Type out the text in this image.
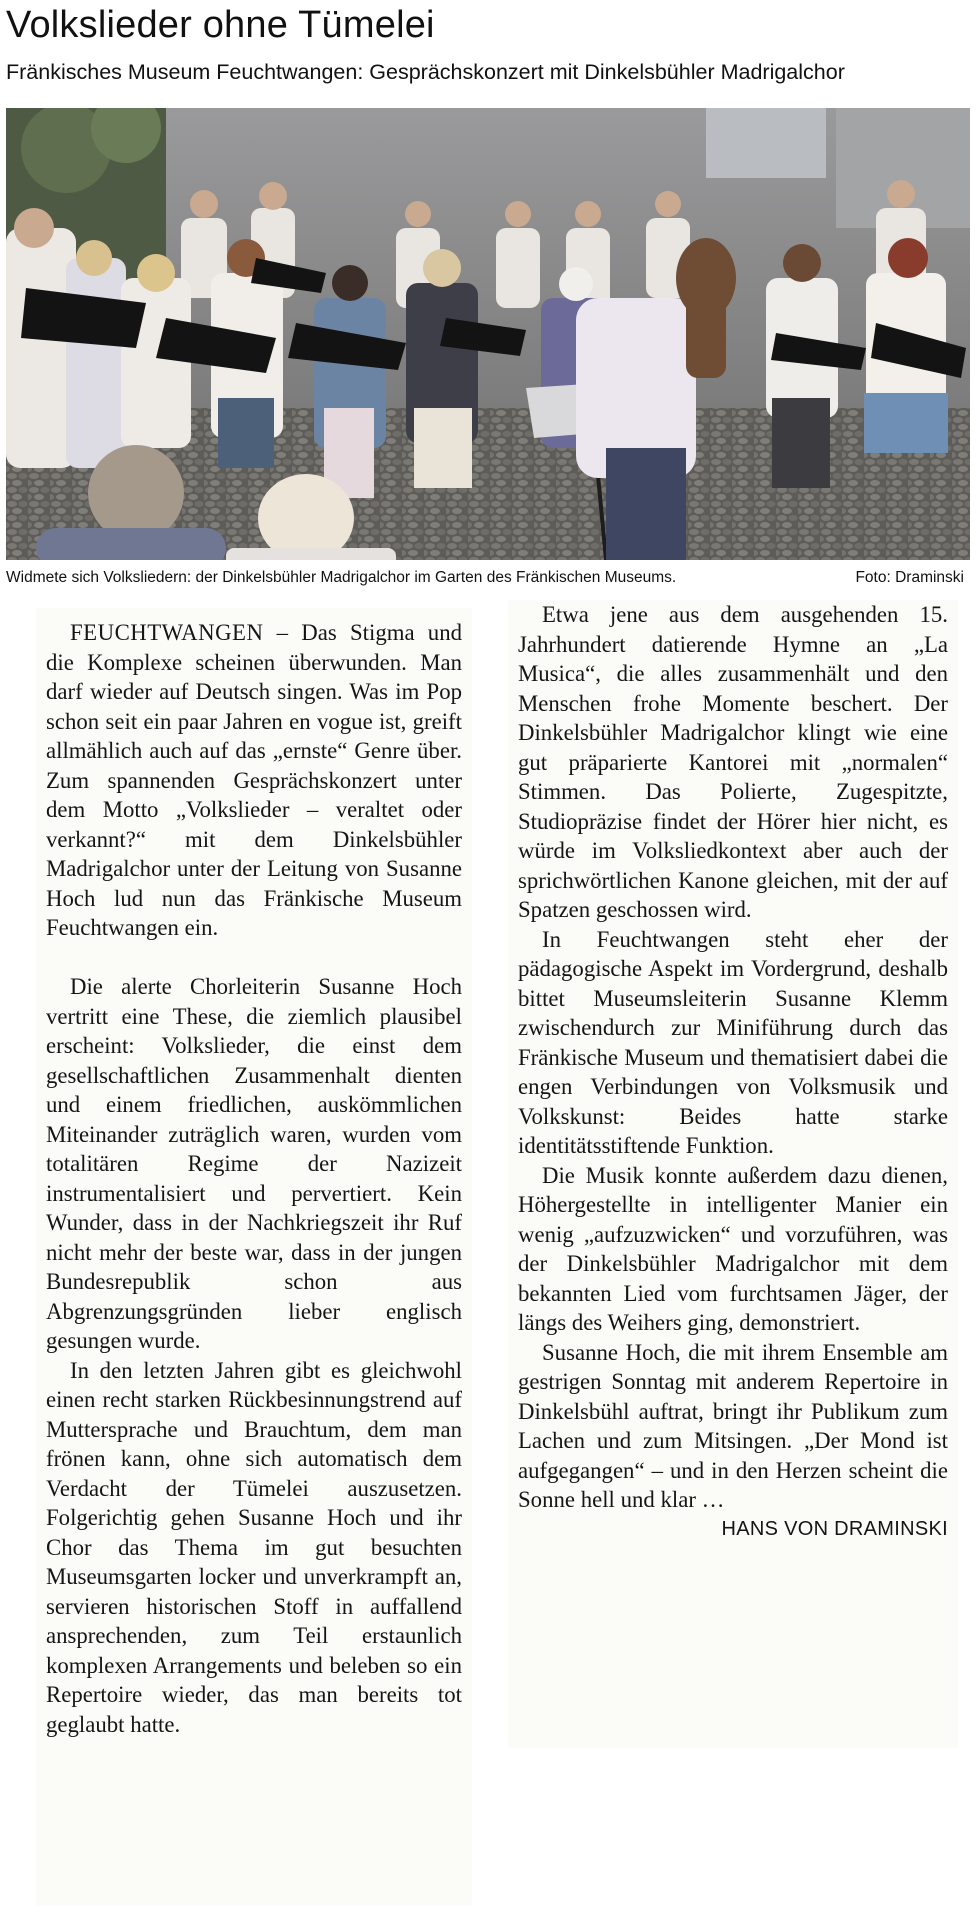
Volkslieder ohne Tümelei
Fränkisches Museum Feuchtwangen: Gesprächskonzert mit Dinkelsbühler Madrigalchor
Widmete sich Volksliedern: der Dinkelsbühler Madrigalchor im Garten des Fränkischen Museums.	Foto: Draminski

FEUCHTWANGEN – Das Stigma und die Komplexe scheinen überwunden. Man darf wieder auf Deutsch singen. Was im Pop schon seit ein paar Jahren en vogue ist, greift allmählich auch auf das „ernste“ Genre über. Zum spannenden Gesprächskonzert unter dem Motto „Volkslieder – veraltet oder verkannt?“ mit dem Dinkelsbühler Madrigalchor unter der Leitung von Susanne Hoch lud nun das Fränkische Museum Feuchtwangen ein.

Die alerte Chorleiterin Susanne Hoch vertritt eine These, die ziemlich plausibel erscheint: Volkslieder, die einst dem gesellschaftlichen Zusammenhalt dienten und einem friedlichen, auskömmlichen Miteinander zuträglich waren, wurden vom totalitären Regime der Nazizeit instrumentalisiert und pervertiert. Kein Wunder, dass in der Nachkriegszeit ihr Ruf nicht mehr der beste war, dass in der jungen Bundesrepublik schon aus Abgrenzungsgründen lieber englisch gesungen wurde.

In den letzten Jahren gibt es gleichwohl einen recht starken Rückbesinnungstrend auf Muttersprache und Brauchtum, dem man frönen kann, ohne sich automatisch dem Verdacht der Tümelei auszusetzen. Folgerichtig gehen Susanne Hoch und ihr Chor das Thema im gut besuchten Museumsgarten locker und unverkrampft an, servieren historischen Stoff in auffallend ansprechenden, zum Teil erstaunlich komplexen Arrangements und beleben so ein Repertoire wieder, das man bereits tot geglaubt hatte.

Etwa jene aus dem ausgehenden 15. Jahrhundert datierende Hymne an „La Musica“, die alles zusammenhält und den Menschen frohe Momente beschert. Der Dinkelsbühler Madrigalchor klingt wie eine gut präparierte Kantorei mit „normalen“ Stimmen. Das Polierte, Zugespitzte, Studiopräzise findet der Hörer hier nicht, es würde im Volksliedkontext aber auch der sprichwörtlichen Kanone gleichen, mit der auf Spatzen geschossen wird.

In Feuchtwangen steht eher der pädagogische Aspekt im Vordergrund, deshalb bittet Museumsleiterin Susanne Klemm zwischendurch zur Miniführung durch das Fränkische Museum und thematisiert dabei die engen Verbindungen von Volksmusik und Volkskunst: Beides hatte starke identitätsstiftende Funktion.

Die Musik konnte außerdem dazu dienen, Höhergestellte in intelligenter Manier ein wenig „aufzuzwicken“ und vorzuführen, was der Dinkelsbühler Madrigalchor mit dem bekannten Lied vom furchtsamen Jäger, der längs des Weihers ging, demonstriert.

Susanne Hoch, die mit ihrem Ensemble am gestrigen Sonntag mit anderem Repertoire in Dinkelsbühl auftrat, bringt ihr Publikum zum Lachen und zum Mitsingen. „Der Mond ist aufgegangen“ – und in den Herzen scheint die Sonne hell und klar …
HANS VON DRAMINSKI
